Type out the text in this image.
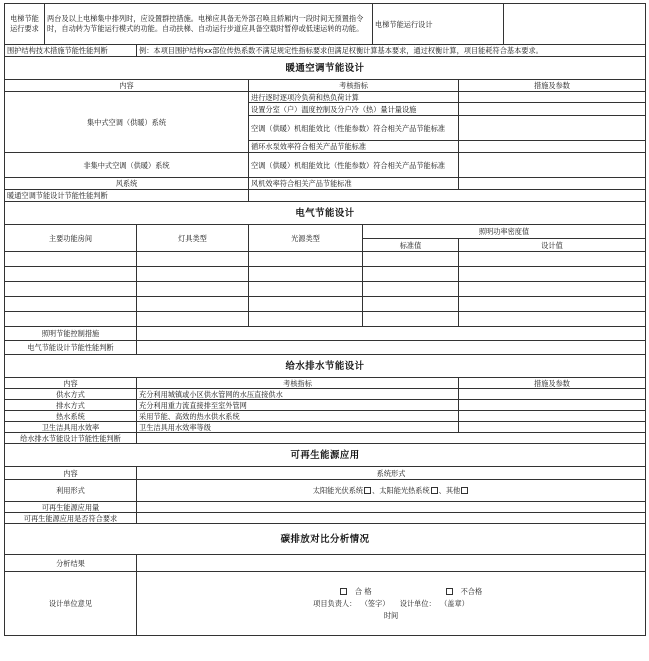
电梯节能运行要求	两台及以上电梯集中排列时，应设置群控措施。电梯应具备无外部召唤且轿厢内一段时间无预置指令时，自动转为节能运行模式的功能。自动扶梯、自动运行步道应具备空载时暂停或低速运转的功能。				电梯节能运行设计		
围护结构技术措施节能性能判断		例：本项目围护结构xx部位传热系数不满足规定性指标要求但满足权衡计算基本要求，通过权衡计算，项目能耗符合基本要求。					
暖通空调节能设计							
内容			考核指标			措施及参数	
集中式空调（供暖）系统			进行逐时逐项冷负荷和热负荷计算				
			设置分室（户）温度控制及分户冷（热）量计量设施				
			空调（供暖）机组能效比（性能参数）符合相关产品节能标准				
			循环水泵效率符合相关产品节能标准				
非集中式空调（供暖）系统			空调（供暖）机组能效比（性能参数）符合相关产品节能标准				
风系统			风机效率符合相关产品节能标准				
暖通空调节能设计节能性能判断							
电气节能设计							
主要功能房间		灯具类型	光源类型	照明功率密度值			
				标准值		设计值	

照明节能控制措施							
电气节能设计节能性能判断							
给水排水节能设计							
内容		考核指标				措施及参数	
供水方式		充分利用城镇或小区供水管网的水压直接供水					
排水方式		充分利用重力流直接排至室外管网					
热水系统		采用节能、高效的热水供水系统					
卫生洁具用水效率		卫生洁具用水效率等级					
给水排水节能设计节能性能判断							
可再生能源应用							
内容		系统形式					
利用形式		太阳能光伏系统 、太阳能光热系统 、其他					
可再生能源应用量							
可再生能源应用是否符合要求							
碳排放对比分析情况							
分析结果							
设计单位意见		合 格 不合格
项目负责人： （签字） 设计单位： （盖章）
时间					
